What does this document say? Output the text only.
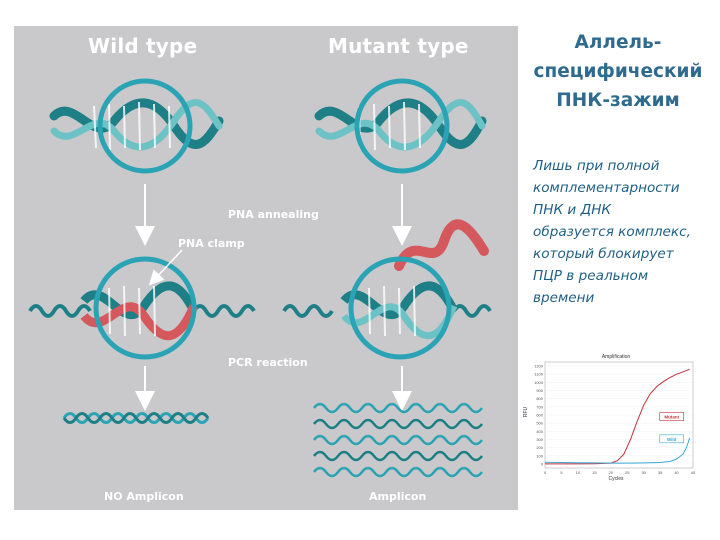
Wild type	Mutant type
PNA annealing
PNA clamp
PCR reaction
NO Amplicon	Amplicon
Аллель-
специфический
ПНК-зажим
Лишь при полной
комплементарности
ПНК и ДНК
образуется комплекс,
который блокирует
ПЦР в реальном
времени
Amplification
RFU
Cycles
0
100
200
300
400
500
600
700
800
900
1000
1100
1200
0	5	10	15	20	25	30	35	40	45
Mutant
Wild
